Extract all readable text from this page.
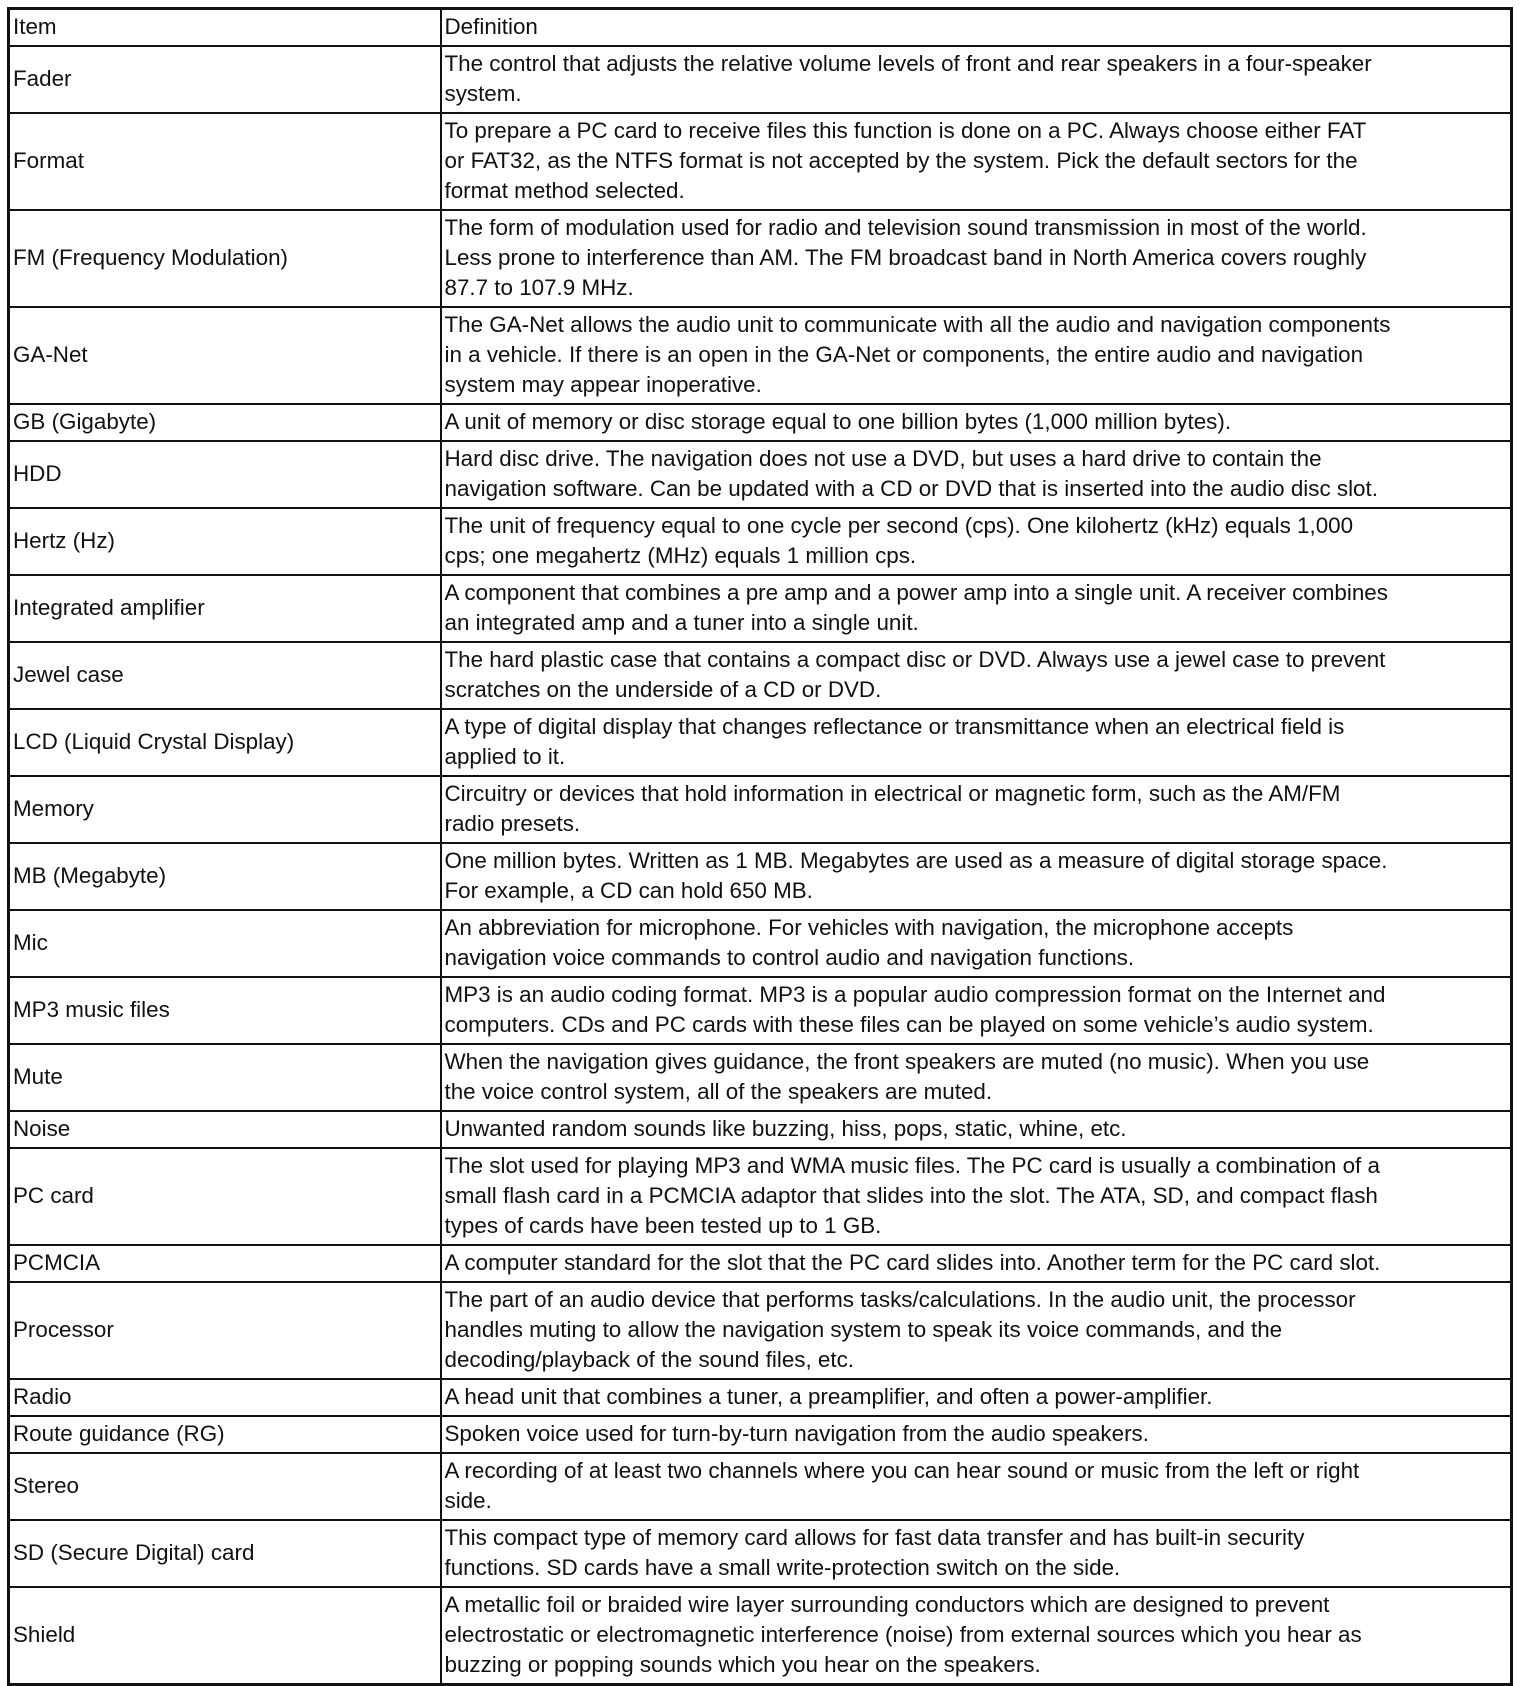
Item	Definition
Fader	The control that adjusts the relative volume levels of front and rear speakers in a four-speaker
system.
Format	To prepare a PC card to receive files this function is done on a PC. Always choose either FAT
or FAT32, as the NTFS format is not accepted by the system. Pick the default sectors for the
format method selected.
FM (Frequency Modulation)	The form of modulation used for radio and television sound transmission in most of the world.
Less prone to interference than AM. The FM broadcast band in North America covers roughly
87.7 to 107.9 MHz.
GA-Net	The GA-Net allows the audio unit to communicate with all the audio and navigation components
in a vehicle. If there is an open in the GA-Net or components, the entire audio and navigation
system may appear inoperative.
GB (Gigabyte)	A unit of memory or disc storage equal to one billion bytes (1,000 million bytes).
HDD	Hard disc drive. The navigation does not use a DVD, but uses a hard drive to contain the
navigation software. Can be updated with a CD or DVD that is inserted into the audio disc slot.
Hertz (Hz)	The unit of frequency equal to one cycle per second (cps). One kilohertz (kHz) equals 1,000
cps; one megahertz (MHz) equals 1 million cps.
Integrated amplifier	A component that combines a pre amp and a power amp into a single unit. A receiver combines
an integrated amp and a tuner into a single unit.
Jewel case	The hard plastic case that contains a compact disc or DVD. Always use a jewel case to prevent
scratches on the underside of a CD or DVD.
LCD (Liquid Crystal Display)	A type of digital display that changes reflectance or transmittance when an electrical field is
applied to it.
Memory	Circuitry or devices that hold information in electrical or magnetic form, such as the AM/FM
radio presets.
MB (Megabyte)	One million bytes. Written as 1 MB. Megabytes are used as a measure of digital storage space.
For example, a CD can hold 650 MB.
Mic	An abbreviation for microphone. For vehicles with navigation, the microphone accepts
navigation voice commands to control audio and navigation functions.
MP3 music files	MP3 is an audio coding format. MP3 is a popular audio compression format on the Internet and
computers. CDs and PC cards with these files can be played on some vehicle’s audio system.
Mute	When the navigation gives guidance, the front speakers are muted (no music). When you use
the voice control system, all of the speakers are muted.
Noise	Unwanted random sounds like buzzing, hiss, pops, static, whine, etc.
PC card	The slot used for playing MP3 and WMA music files. The PC card is usually a combination of a
small flash card in a PCMCIA adaptor that slides into the slot. The ATA, SD, and compact flash
types of cards have been tested up to 1 GB.
PCMCIA	A computer standard for the slot that the PC card slides into. Another term for the PC card slot.
Processor	The part of an audio device that performs tasks/calculations. In the audio unit, the processor
handles muting to allow the navigation system to speak its voice commands, and the
decoding/playback of the sound files, etc.
Radio	A head unit that combines a tuner, a preamplifier, and often a power-amplifier.
Route guidance (RG)	Spoken voice used for turn-by-turn navigation from the audio speakers.
Stereo	A recording of at least two channels where you can hear sound or music from the left or right
side.
SD (Secure Digital) card	This compact type of memory card allows for fast data transfer and has built-in security
functions. SD cards have a small write-protection switch on the side.
Shield	A metallic foil or braided wire layer surrounding conductors which are designed to prevent
electrostatic or electromagnetic interference (noise) from external sources which you hear as
buzzing or popping sounds which you hear on the speakers.
